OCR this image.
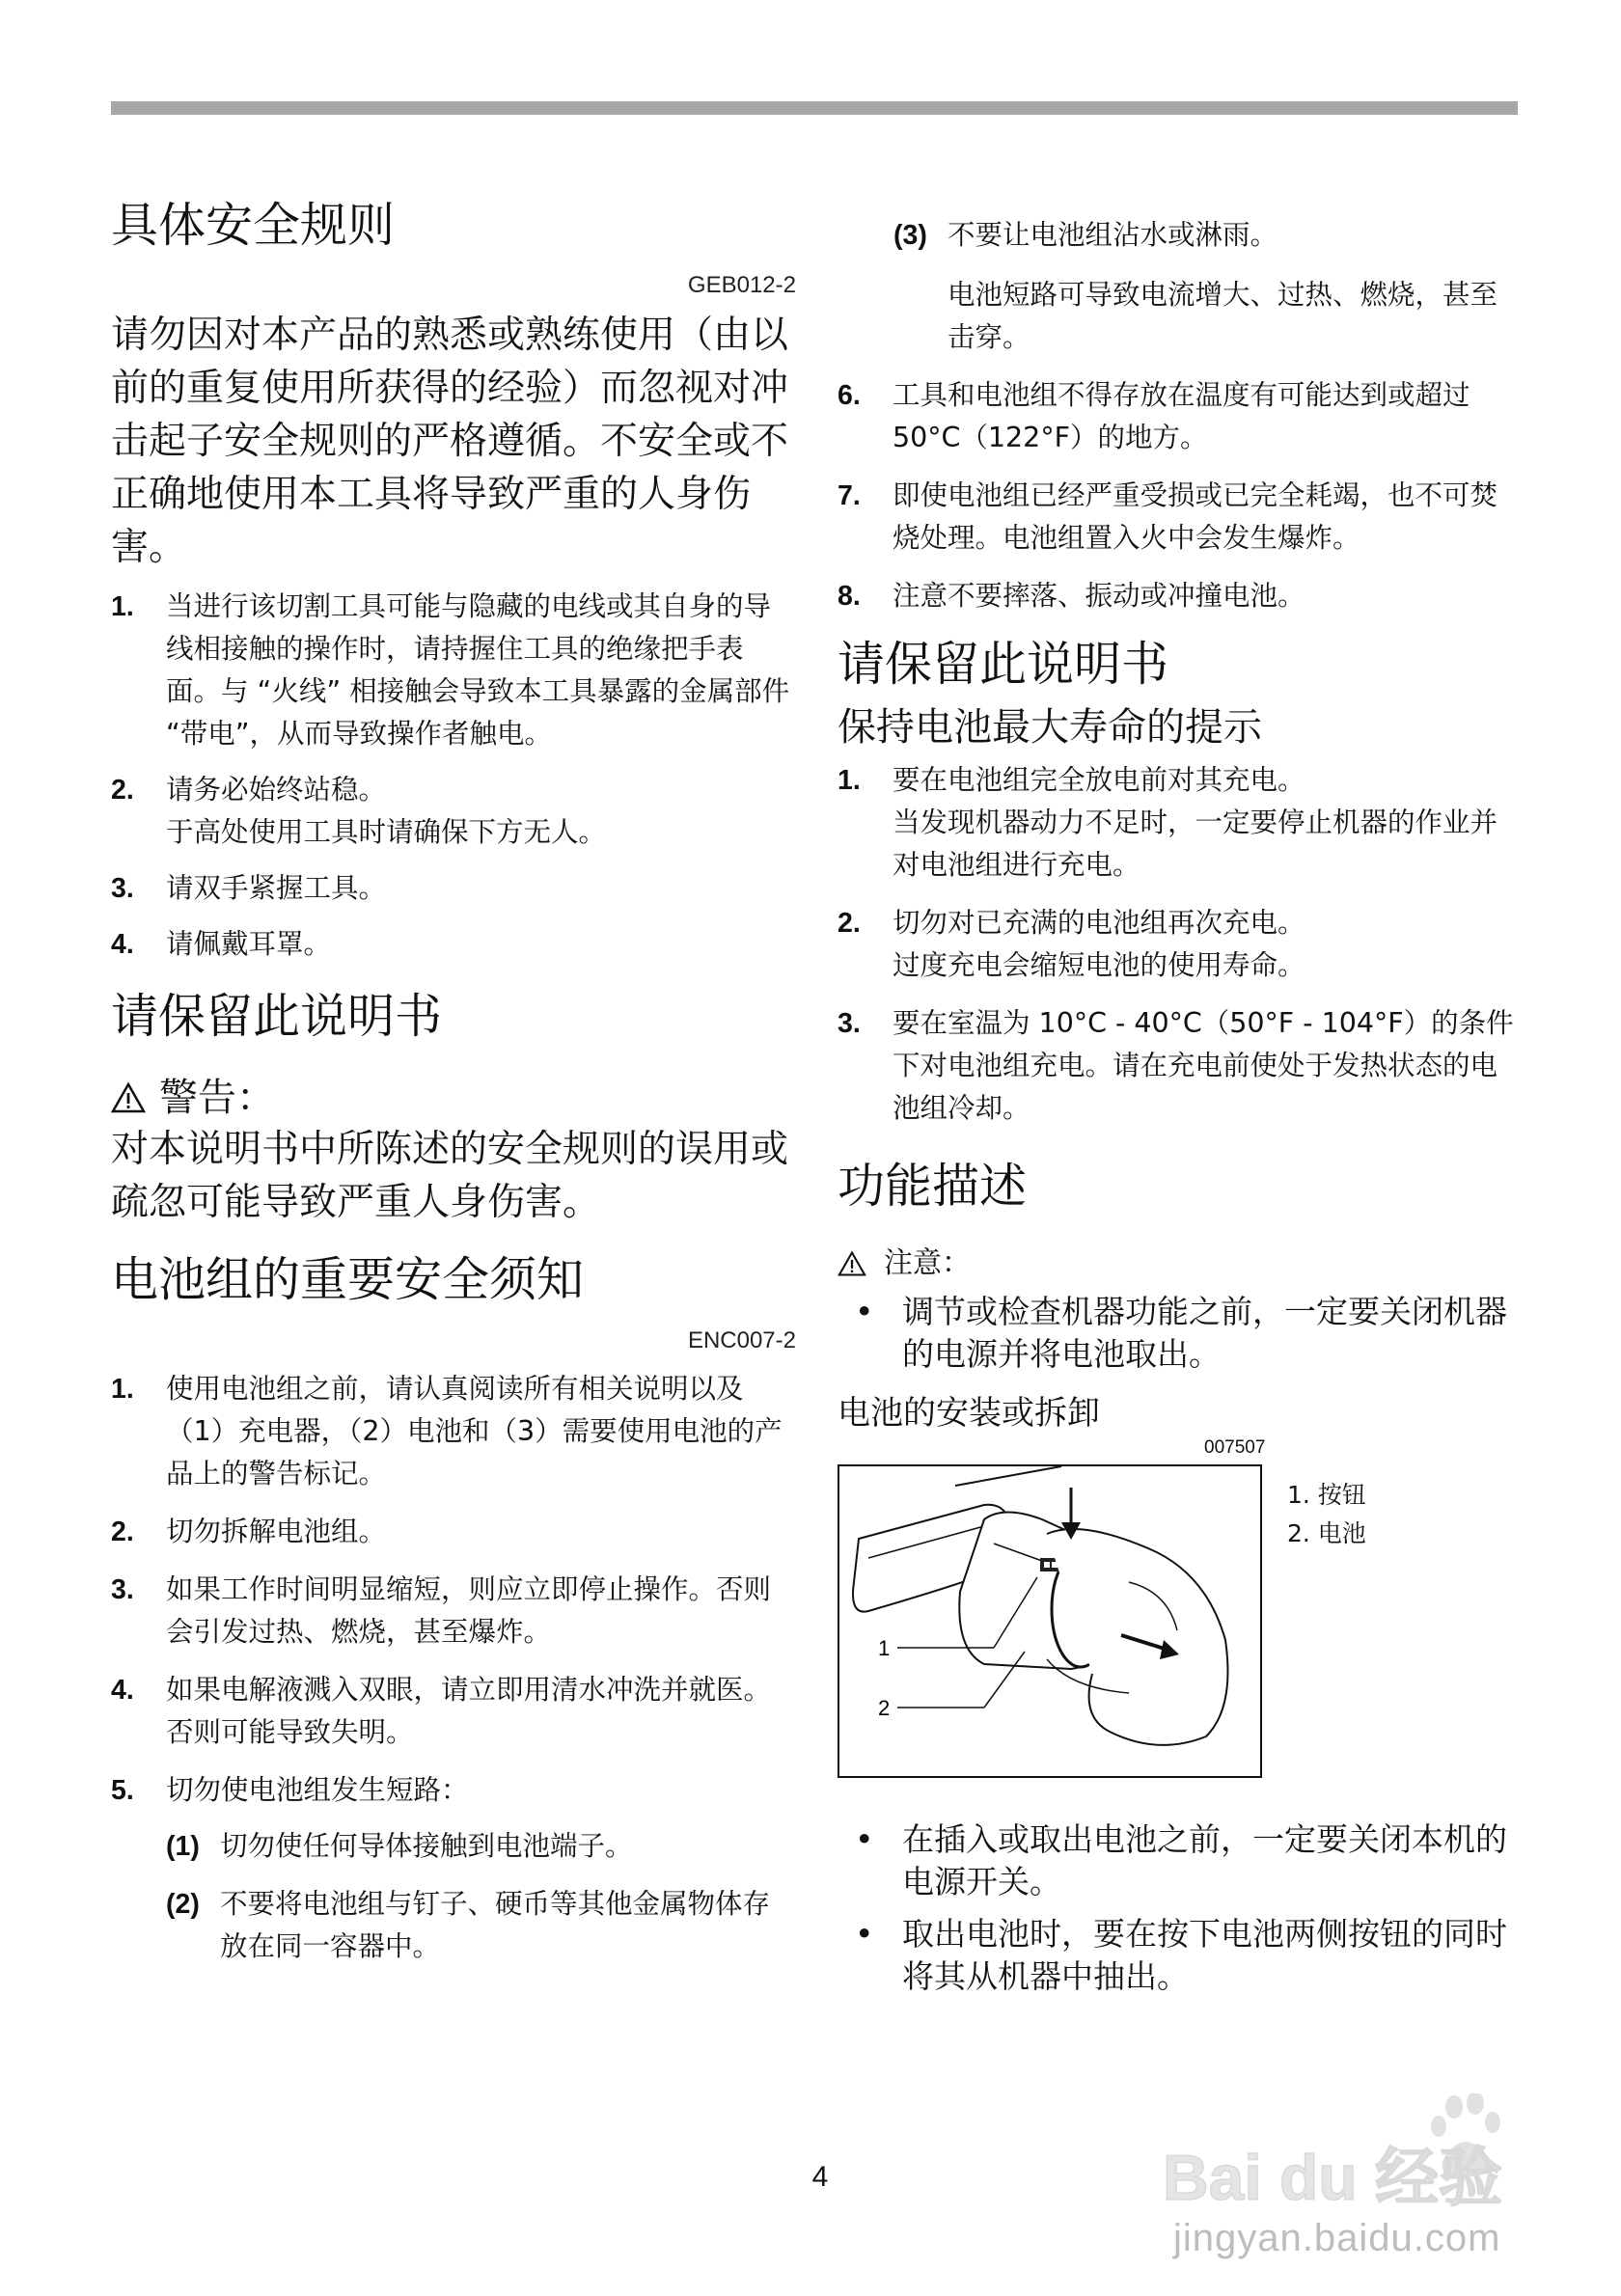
具体安全规则
GEB012-2

请勿因对本产品的熟悉或熟练使用（由以前的重复使用所获得的经验）而忽视对冲击起子安全规则的严格遵循。不安全或不正确地使用本工具将导致严重的人身伤害。

1. 当进行该切割工具可能与隐藏的电线或其自身的导线相接触的操作时，请持握住工具的绝缘把手表面。与 “火线” 相接触会导致本工具暴露的金属部件 “带电”，从而导致操作者触电。
2. 请务必始终站稳。
于高处使用工具时请确保下方无人。
3. 请双手紧握工具。
4. 请佩戴耳罩。
请保留此说明书
警告：

对本说明书中所陈述的安全规则的误用或疏忽可能导致严重人身伤害。

电池组的重要安全须知
ENC007-2
1. 使用电池组之前，请认真阅读所有相关说明以及（1）充电器，（2）电池和（3）需要使用电池的产品上的警告标记。
2. 切勿拆解电池组。
3. 如果工作时间明显缩短，则应立即停止操作。否则会引发过热、燃烧，甚至爆炸。
4. 如果电解液溅入双眼，请立即用清水冲洗并就医。否则可能导致失明。
5. 切勿使电池组发生短路：
(1) 切勿使任何导体接触到电池端子。
(2) 不要将电池组与钉子、硬币等其他金属物体存放在同一容器中。
(3) 不要让电池组沾水或淋雨。
电池短路可导致电流增大、过热、燃烧，甚至击穿。
6. 工具和电池组不得存放在温度有可能达到或超过 50°C（122°F）的地方。
7. 即使电池组已经严重受损或已完全耗竭，也不可焚烧处理。电池组置入火中会发生爆炸。
8. 注意不要摔落、振动或冲撞电池。
请保留此说明书
保持电池最大寿命的提示
1. 要在电池组完全放电前对其充电。
当发现机器动力不足时，一定要停止机器的作业并对电池组进行充电。
2. 切勿对已充满的电池组再次充电。
过度充电会缩短电池的使用寿命。
3. 要在室温为 10°C - 40°C（50°F - 104°F）的条件下对电池组充电。请在充电前使处于发热状态的电池组冷却。
功能描述
注意：
• 调节或检查机器功能之前，一定要关闭机器的电源并将电池取出。
电池的安装或拆卸
007507
1
2
1. 按钮
2. 电池
• 在插入或取出电池之前，一定要关闭本机的电源开关。
• 取出电池时，要在按下电池两侧按钮的同时将其从机器中抽出。
4	Bai du 经验
jingyan.baidu.com
